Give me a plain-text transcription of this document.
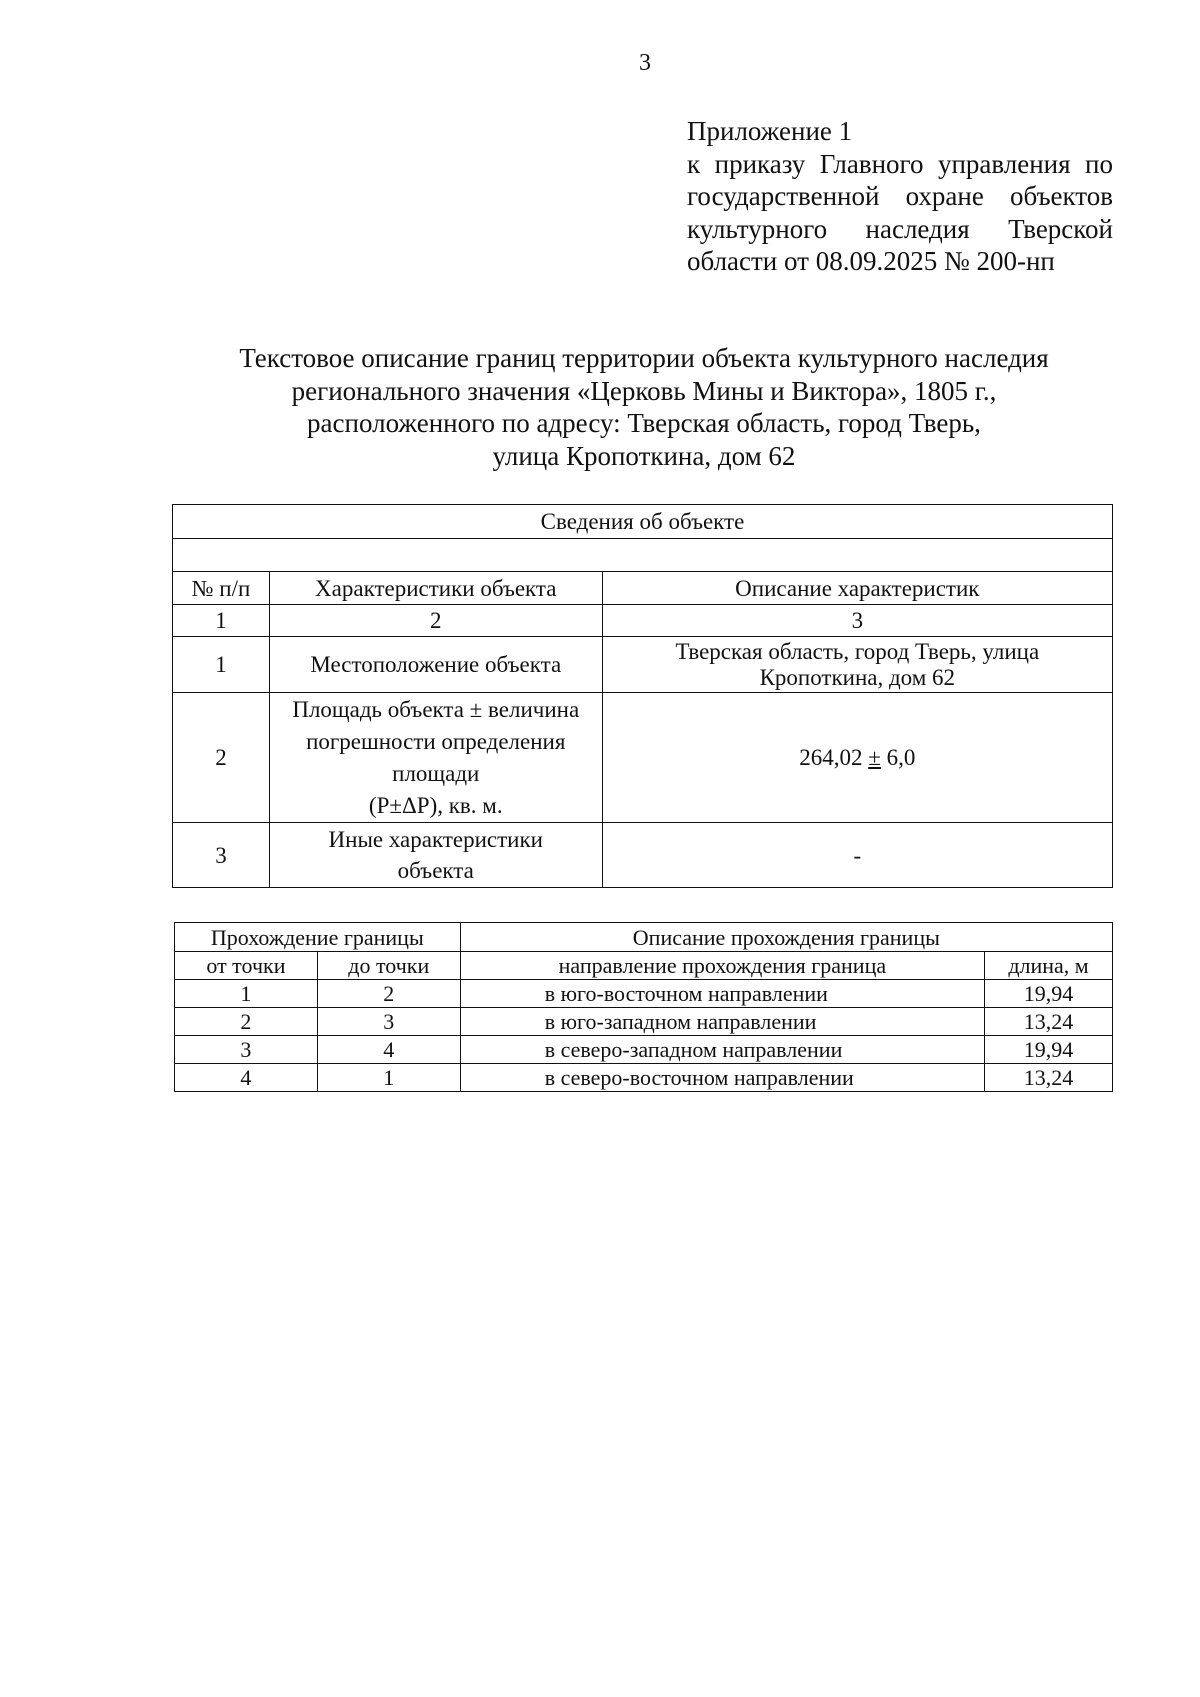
3
Приложение 1
к приказу Главного управления по
государственной охране объектов
культурного наследия Тверской
области от 08.09.2025 № 200-нп
Текстовое описание границ территории объекта культурного наследия
регионального значения «Церковь Мины и Виктора», 1805 г.,
расположенного по адресу: Тверская область, город Тверь,
улица Кропоткина, дом 62
Сведения об объекте		

№ п/п	Характеристики объекта	Описание характеристик
1	2	3
1	Местоположение объекта	Тверская область, город Тверь, улица
Кропоткина, дом 62
2	Площадь объекта ± величина
погрешности определения
площади
(Р±ΔР), кв. м.	264,02 ± 6,0
3	Иные характеристики
объекта	-
Прохождение границы		Описание прохождения границы	
от точки	до точки	направление прохождения граница	длина, м
1	2	в юго-восточном направлении	19,94
2	3	в юго-западном направлении	13,24
3	4	в северо-западном направлении	19,94
4	1	в северо-восточном направлении	13,24
